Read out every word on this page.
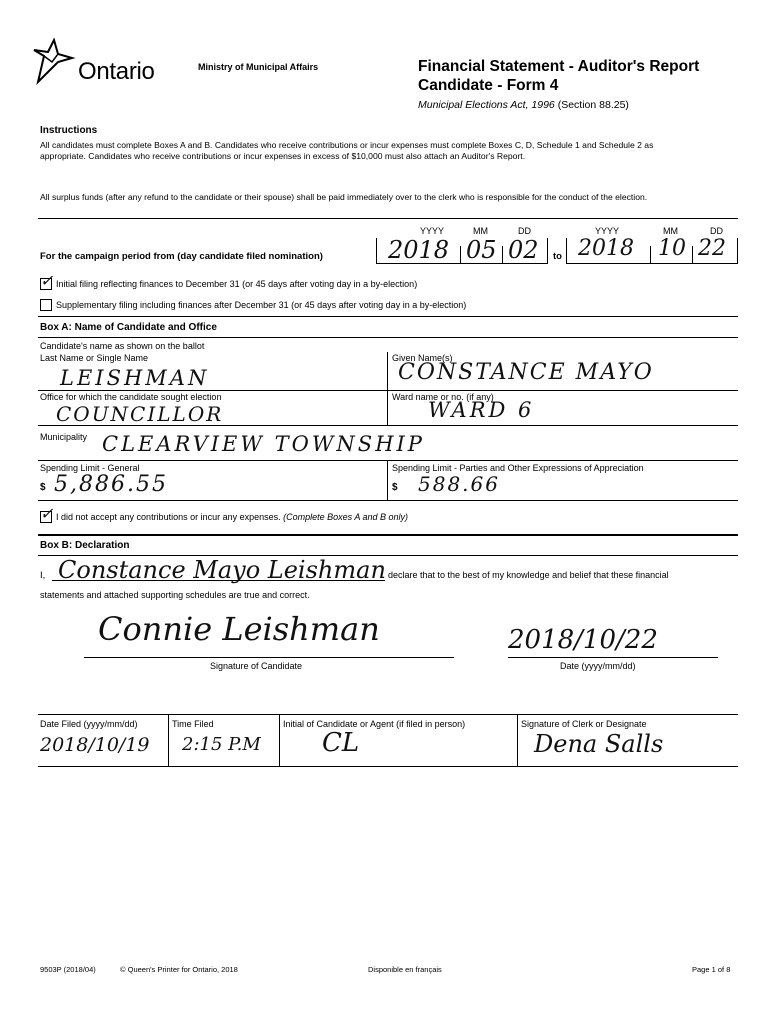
Ontario	Ministry of Municipal Affairs	Financial Statement - Auditor's Report
Candidate - Form 4
Municipal Elections Act, 1996 (Section 88.25)
Instructions
All candidates must complete Boxes A and B. Candidates who receive contributions or incur expenses must complete Boxes C, D, Schedule 1 and Schedule 2 as appropriate. Candidates who receive contributions or incur expenses in excess of $10,000 must also attach an Auditor's Report.
All surplus funds (after any refund to the candidate or their spouse) shall be paid immediately over to the clerk who is responsible for the conduct of the election.
YYYY	MM	DD	YYYY	MM	DD
For the campaign period from (day candidate filed nomination)	2018 05 02 to 2018 10 22
✓ Initial filing reflecting finances to December 31 (or 45 days after voting day in a by-election)
Supplementary filing including finances after December 31 (or 45 days after voting day in a by-election)
Box A: Name of Candidate and Office
Candidate's name as shown on the ballot
Last Name or Single Name	Given Name(s)
LEISHMAN	CONSTANCE MAYO
Office for which the candidate sought election	Ward name or no. (if any)
COUNCILLOR	WARD 6
Municipality CLEARVIEW TOWNSHIP
Spending Limit - General	Spending Limit - Parties and Other Expressions of Appreciation
$ 5,886.55	$ 588.66
✓ I did not accept any contributions or incur any expenses. (Complete Boxes A and B only)
Box B: Declaration
I, Constance Mayo Leishman declare that to the best of my knowledge and belief that these financial
statements and attached supporting schedules are true and correct.
Connie Leishman
Signature of Candidate
2018/10/22
Date (yyyy/mm/dd)
Date Filed (yyyy/mm/dd)	Time Filed	Initial of Candidate or Agent (if filed in person)	Signature of Clerk or Designate
2018/10/19 2:15 P.M CL	Dena Salls
9503P (2018/04)	© Queen's Printer for Ontario, 2018	Disponible en français	Page 1 of 8
